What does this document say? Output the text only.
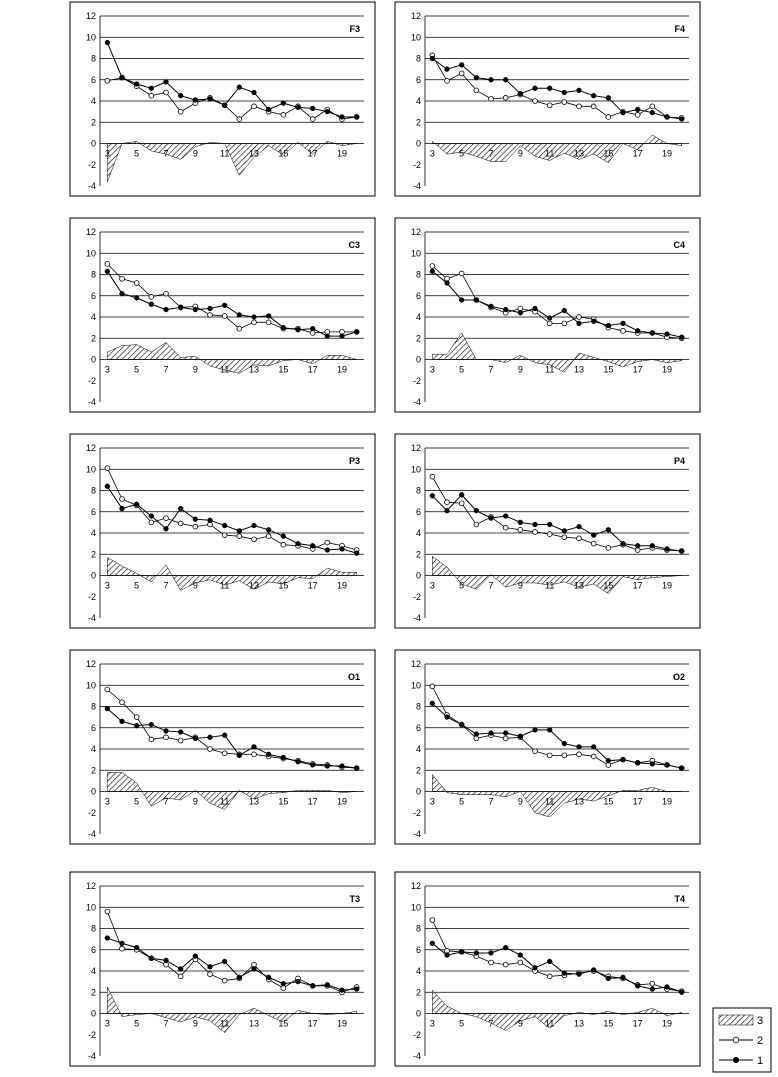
-4
-2
0
2
4
6
8
10
12
3	5	7	9 11 13 15 17 19
F3
-4
-2
0
2
4
6
8
10
12
3	5	7	9 11 13 15 17 19
F4
-4
-2
0
2
4
6
8
10
12
3	5	7	9 11 13 15 17 19
C3
-4
-2
0
2
4
6
8
10
12
3	5	7	9 11 13 15 17 19
C4
-4
-2
0
2
4
6
8
10
12
3	5	7	9 11 13 15 17 19
P3
-4
-2
0
2
4
6
8
10
12
3	5	7	9 11 13 15 17 19
P4
-4
-2
0
2
4
6
8
10
12
3	5	7	9 11 13 15 17 19
O1
-4
-2
0
2
4
6
8
10
12
3	5	7	9 11 13 15 17 19
O2
-4
-2
0
2
4
6
8
10
12
3	5	7	9 11 13 15 17 19
T3
-4
-2
0
2
4
6
8
10
12
3	5	7	9 11 13 15 17 19
T4
3
2
1
